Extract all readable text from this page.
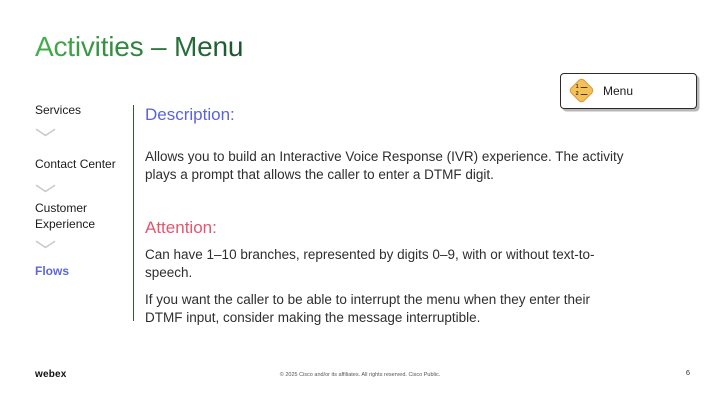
Activities – Menu
Services
Contact Center
Customer Experience
Flows
Description:
Allows you to build an Interactive Voice Response (IVR) experience. The activity plays a prompt that allows the caller to enter a DTMF digit.
Attention:
Can have 1–10 branches, represented by digits 0–9, with or without text-to-speech.
If you want the caller to be able to interrupt the menu when they enter their DTMF input, consider making the message interruptible.
1
2 Menu
webex	© 2025 Cisco and/or its affiliates. All rights reserved. Cisco Public.	6
